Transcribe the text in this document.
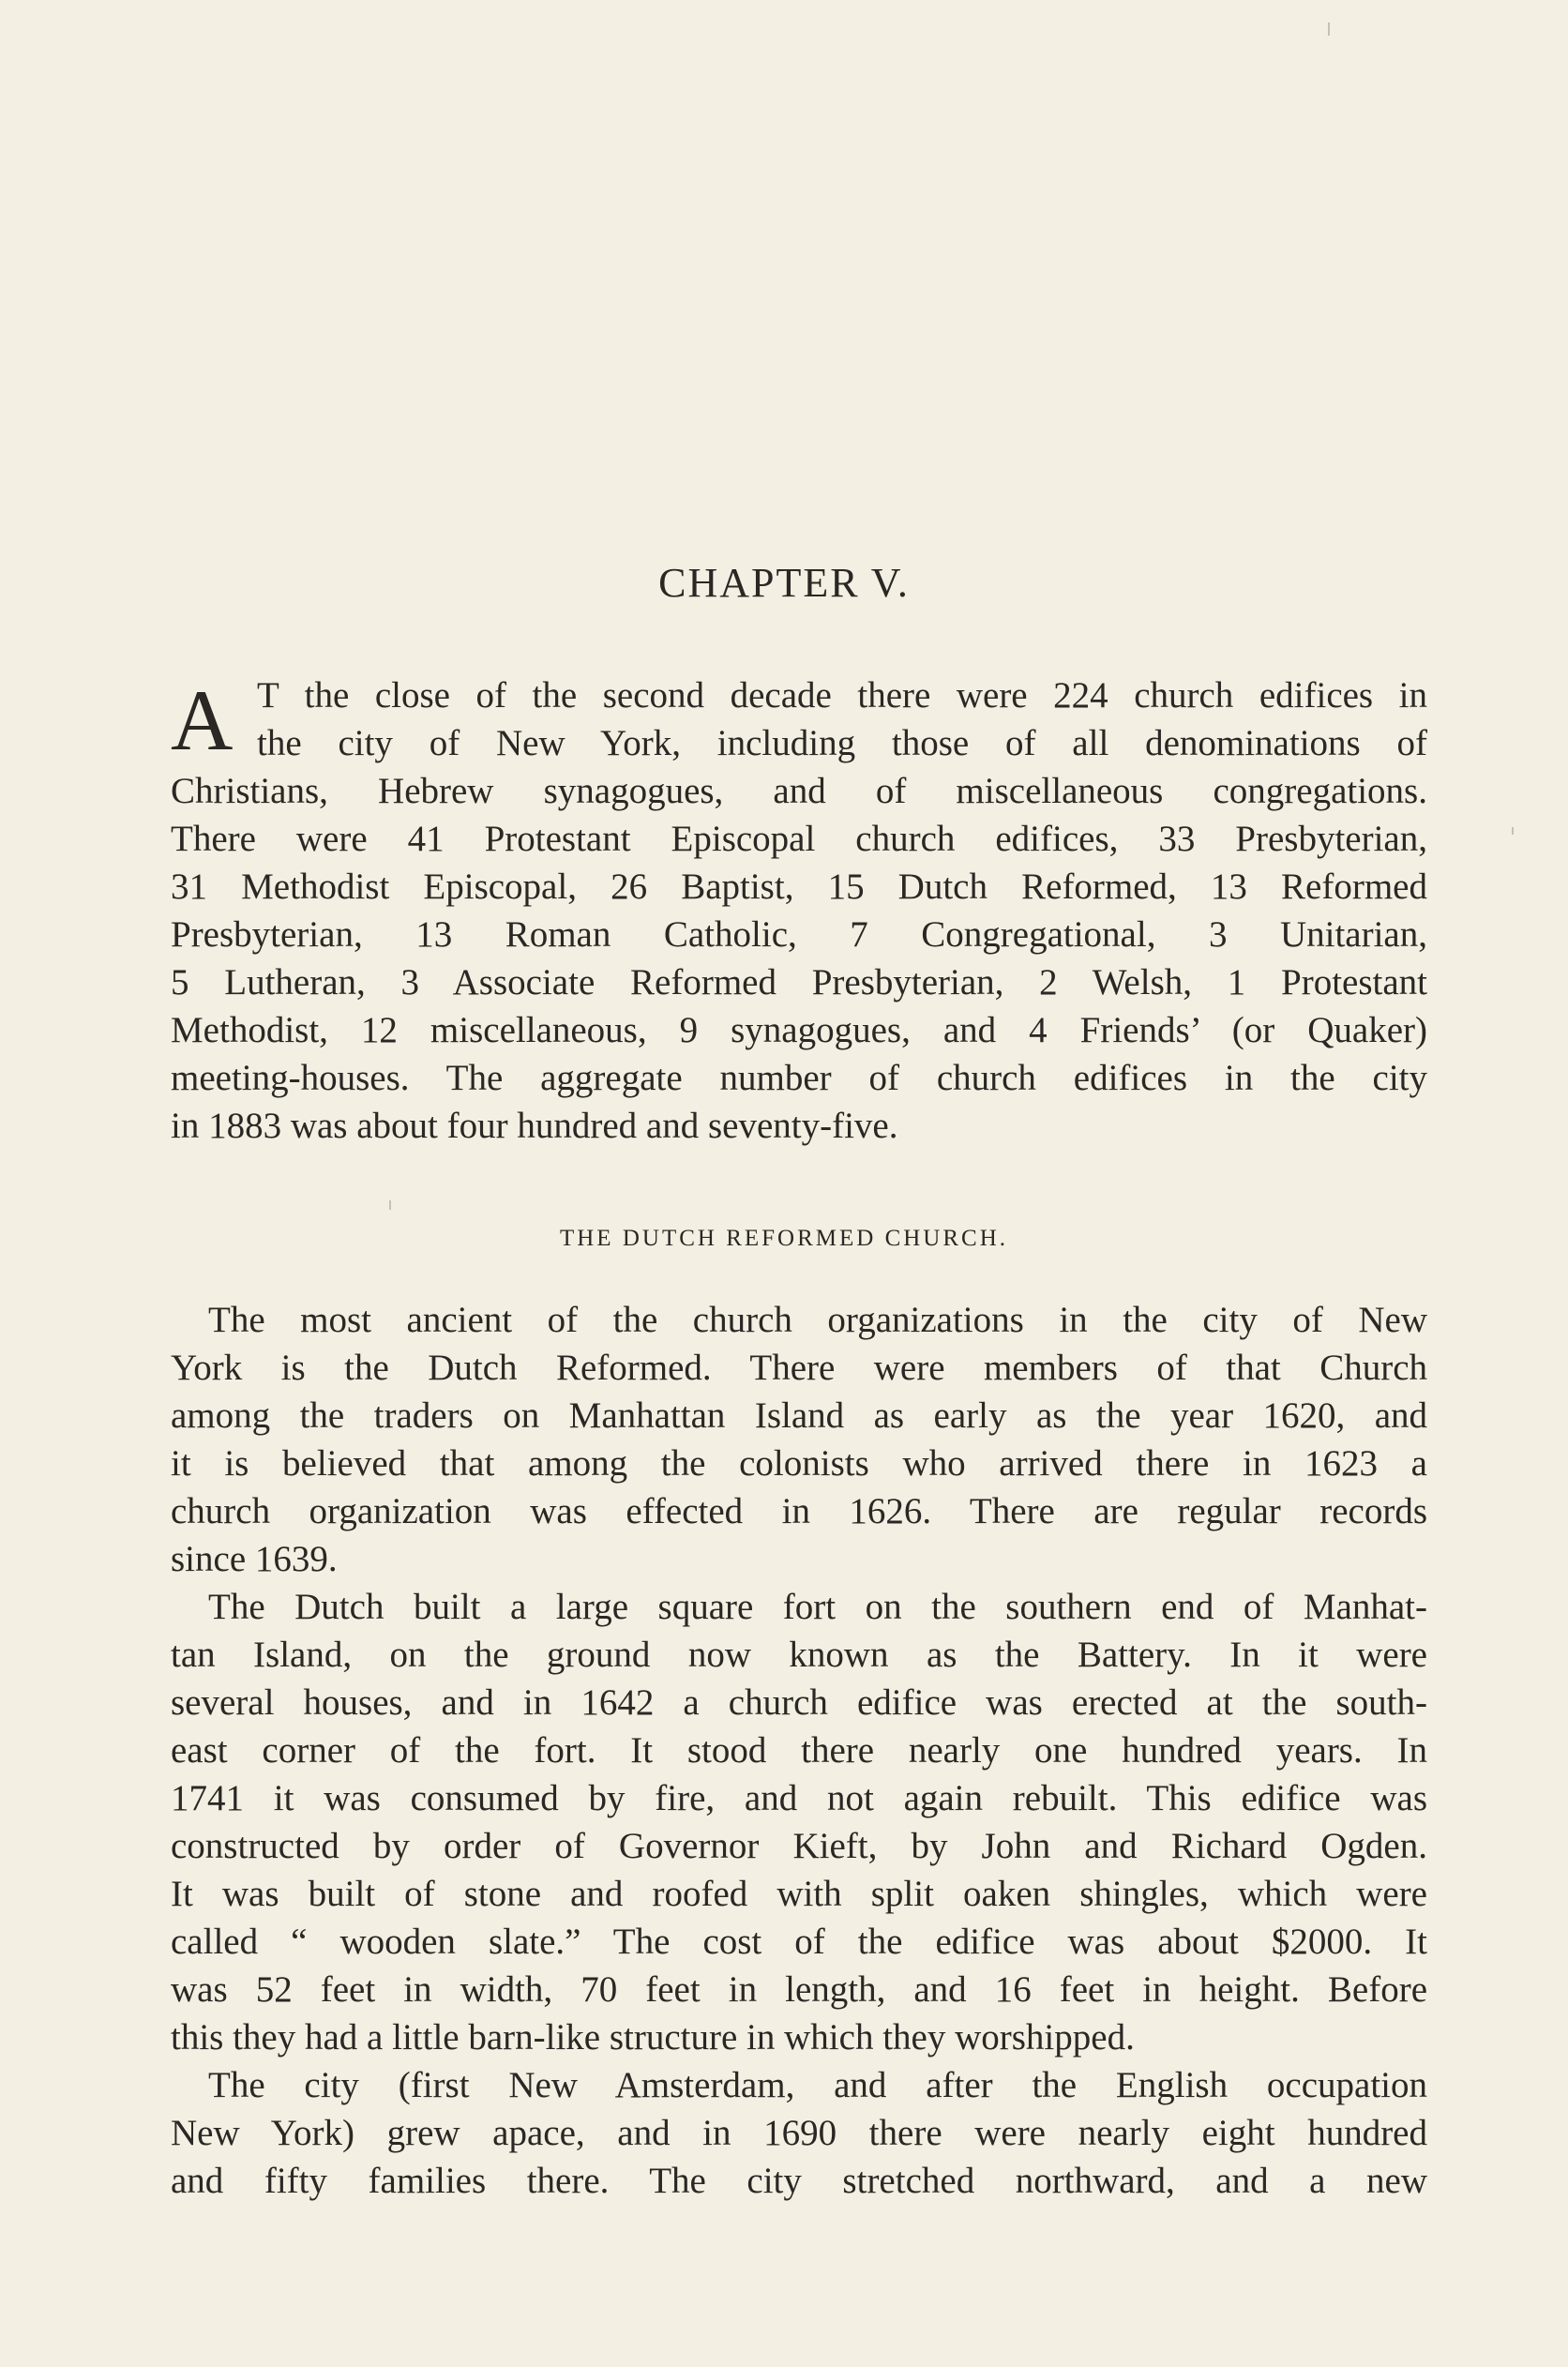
CHAPTER V.
A T the close of the second decade there were 224 church edifices in
the city of New York, including those of all denominations of
Christians, Hebrew synagogues, and of miscellaneous congregations.
There were 41 Protestant Episcopal church edifices, 33 Presbyterian,
31 Methodist Episcopal, 26 Baptist, 15 Dutch Reformed, 13 Reformed
Presbyterian, 13 Roman Catholic, 7 Congregational, 3 Unitarian,
5 Lutheran, 3 Associate Reformed Presbyterian, 2 Welsh, 1 Protestant
Methodist, 12 miscellaneous, 9 synagogues, and 4 Friends’ (or Quaker)
meeting-houses. The aggregate number of church edifices in the city
in 1883 was about four hundred and seventy-five.
THE DUTCH REFORMED CHURCH.
The most ancient of the church organizations in the city of New
York is the Dutch Reformed. There were members of that Church
among the traders on Manhattan Island as early as the year 1620, and
it is believed that among the colonists who arrived there in 1623 a
church organization was effected in 1626. There are regular records
since 1639.
The Dutch built a large square fort on the southern end of Manhat-
tan Island, on the ground now known as the Battery. In it were
several houses, and in 1642 a church edifice was erected at the south-
east corner of the fort. It stood there nearly one hundred years. In
1741 it was consumed by fire, and not again rebuilt. This edifice was
constructed by order of Governor Kieft, by John and Richard Ogden.
It was built of stone and roofed with split oaken shingles, which were
called “ wooden slate.” The cost of the edifice was about $2000. It
was 52 feet in width, 70 feet in length, and 16 feet in height. Before
this they had a little barn-like structure in which they worshipped.
The city (first New Amsterdam, and after the English occupation
New York) grew apace, and in 1690 there were nearly eight hundred
and fifty families there. The city stretched northward, and a new
